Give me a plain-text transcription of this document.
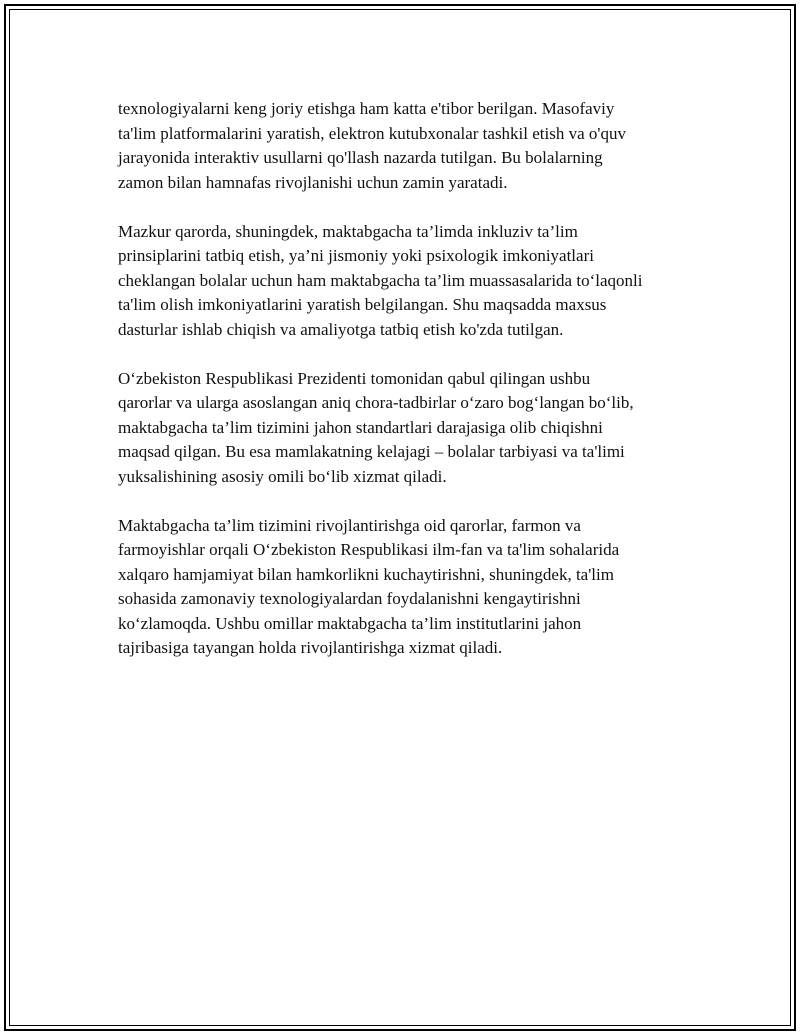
texnologiyalarni keng joriy etishga ham katta e'tibor berilgan. Masofaviy
ta'lim platformalarini yaratish, elektron kutubxonalar tashkil etish va o'quv
jarayonida interaktiv usullarni qo'llash nazarda tutilgan. Bu bolalarning
zamon bilan hamnafas rivojlanishi uchun zamin yaratadi.

Mazkur qarorda, shuningdek, maktabgacha ta’limda inkluziv ta’lim
prinsiplarini tatbiq etish, ya’ni jismoniy yoki psixologik imkoniyatlari
cheklangan bolalar uchun ham maktabgacha ta’lim muassasalarida to‘laqonli
ta'lim olish imkoniyatlarini yaratish belgilangan. Shu maqsadda maxsus
dasturlar ishlab chiqish va amaliyotga tatbiq etish ko'zda tutilgan.

O‘zbekiston Respublikasi Prezidenti tomonidan qabul qilingan ushbu
qarorlar va ularga asoslangan aniq chora-tadbirlar o‘zaro bog‘langan bo‘lib,
maktabgacha ta’lim tizimini jahon standartlari darajasiga olib chiqishni
maqsad qilgan. Bu esa mamlakatning kelajagi – bolalar tarbiyasi va ta'limi
yuksalishining asosiy omili bo‘lib xizmat qiladi.

Maktabgacha ta’lim tizimini rivojlantirishga oid qarorlar, farmon va
farmoyishlar orqali O‘zbekiston Respublikasi ilm-fan va ta'lim sohalarida
xalqaro hamjamiyat bilan hamkorlikni kuchaytirishni, shuningdek, ta'lim
sohasida zamonaviy texnologiyalardan foydalanishni kengaytirishni
ko‘zlamoqda. Ushbu omillar maktabgacha ta’lim institutlarini jahon
tajribasiga tayangan holda rivojlantirishga xizmat qiladi.
